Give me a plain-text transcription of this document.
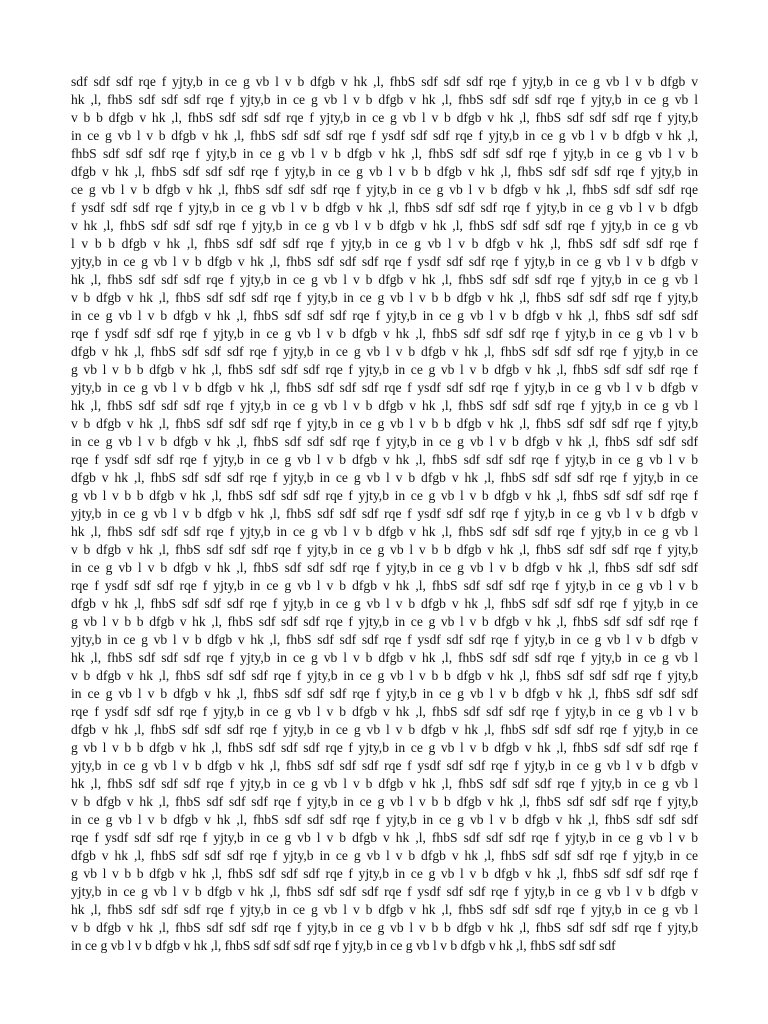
sdf sdf sdf rqe f yjty,b in ce g vb l v b dfgb v hk ,l, fhbS sdf sdf sdf rqe f yjty,b in ce g vb l v b dfgb v
hk ,l, fhbS sdf sdf sdf rqe f yjty,b in ce g vb l v b dfgb v hk ,l, fhbS sdf sdf sdf rqe f yjty,b in ce g vb l
v b b dfgb v hk ,l, fhbS sdf sdf sdf rqe f yjty,b in ce g vb l v b dfgb v hk ,l, fhbS sdf sdf sdf rqe f yjty,b
in ce g vb l v b dfgb v hk ,l, fhbS sdf sdf sdf rqe f ysdf sdf sdf rqe f yjty,b in ce g vb l v b dfgb v hk ,l,
fhbS sdf sdf sdf rqe f yjty,b in ce g vb l v b dfgb v hk ,l, fhbS sdf sdf sdf rqe f yjty,b in ce g vb l v b
dfgb v hk ,l, fhbS sdf sdf sdf rqe f yjty,b in ce g vb l v b b dfgb v hk ,l, fhbS sdf sdf sdf rqe f yjty,b in
ce g vb l v b dfgb v hk ,l, fhbS sdf sdf sdf rqe f yjty,b in ce g vb l v b dfgb v hk ,l, fhbS sdf sdf sdf rqe
f ysdf sdf sdf rqe f yjty,b in ce g vb l v b dfgb v hk ,l, fhbS sdf sdf sdf rqe f yjty,b in ce g vb l v b dfgb
v hk ,l, fhbS sdf sdf sdf rqe f yjty,b in ce g vb l v b dfgb v hk ,l, fhbS sdf sdf sdf rqe f yjty,b in ce g vb
l v b b dfgb v hk ,l, fhbS sdf sdf sdf rqe f yjty,b in ce g vb l v b dfgb v hk ,l, fhbS sdf sdf sdf rqe f
yjty,b in ce g vb l v b dfgb v hk ,l, fhbS sdf sdf sdf rqe f ysdf sdf sdf rqe f yjty,b in ce g vb l v b dfgb v
hk ,l, fhbS sdf sdf sdf rqe f yjty,b in ce g vb l v b dfgb v hk ,l, fhbS sdf sdf sdf rqe f yjty,b in ce g vb l
v b dfgb v hk ,l, fhbS sdf sdf sdf rqe f yjty,b in ce g vb l v b b dfgb v hk ,l, fhbS sdf sdf sdf rqe f yjty,b
in ce g vb l v b dfgb v hk ,l, fhbS sdf sdf sdf rqe f yjty,b in ce g vb l v b dfgb v hk ,l, fhbS sdf sdf sdf
rqe f ysdf sdf sdf rqe f yjty,b in ce g vb l v b dfgb v hk ,l, fhbS sdf sdf sdf rqe f yjty,b in ce g vb l v b
dfgb v hk ,l, fhbS sdf sdf sdf rqe f yjty,b in ce g vb l v b dfgb v hk ,l, fhbS sdf sdf sdf rqe f yjty,b in ce
g vb l v b b dfgb v hk ,l, fhbS sdf sdf sdf rqe f yjty,b in ce g vb l v b dfgb v hk ,l, fhbS sdf sdf sdf rqe f
yjty,b in ce g vb l v b dfgb v hk ,l, fhbS sdf sdf sdf rqe f ysdf sdf sdf rqe f yjty,b in ce g vb l v b dfgb v
hk ,l, fhbS sdf sdf sdf rqe f yjty,b in ce g vb l v b dfgb v hk ,l, fhbS sdf sdf sdf rqe f yjty,b in ce g vb l
v b dfgb v hk ,l, fhbS sdf sdf sdf rqe f yjty,b in ce g vb l v b b dfgb v hk ,l, fhbS sdf sdf sdf rqe f yjty,b
in ce g vb l v b dfgb v hk ,l, fhbS sdf sdf sdf rqe f yjty,b in ce g vb l v b dfgb v hk ,l, fhbS sdf sdf sdf
rqe f ysdf sdf sdf rqe f yjty,b in ce g vb l v b dfgb v hk ,l, fhbS sdf sdf sdf rqe f yjty,b in ce g vb l v b
dfgb v hk ,l, fhbS sdf sdf sdf rqe f yjty,b in ce g vb l v b dfgb v hk ,l, fhbS sdf sdf sdf rqe f yjty,b in ce
g vb l v b b dfgb v hk ,l, fhbS sdf sdf sdf rqe f yjty,b in ce g vb l v b dfgb v hk ,l, fhbS sdf sdf sdf rqe f
yjty,b in ce g vb l v b dfgb v hk ,l, fhbS sdf sdf sdf rqe f ysdf sdf sdf rqe f yjty,b in ce g vb l v b dfgb v
hk ,l, fhbS sdf sdf sdf rqe f yjty,b in ce g vb l v b dfgb v hk ,l, fhbS sdf sdf sdf rqe f yjty,b in ce g vb l
v b dfgb v hk ,l, fhbS sdf sdf sdf rqe f yjty,b in ce g vb l v b b dfgb v hk ,l, fhbS sdf sdf sdf rqe f yjty,b
in ce g vb l v b dfgb v hk ,l, fhbS sdf sdf sdf rqe f yjty,b in ce g vb l v b dfgb v hk ,l, fhbS sdf sdf sdf
rqe f ysdf sdf sdf rqe f yjty,b in ce g vb l v b dfgb v hk ,l, fhbS sdf sdf sdf rqe f yjty,b in ce g vb l v b
dfgb v hk ,l, fhbS sdf sdf sdf rqe f yjty,b in ce g vb l v b dfgb v hk ,l, fhbS sdf sdf sdf rqe f yjty,b in ce
g vb l v b b dfgb v hk ,l, fhbS sdf sdf sdf rqe f yjty,b in ce g vb l v b dfgb v hk ,l, fhbS sdf sdf sdf rqe f
yjty,b in ce g vb l v b dfgb v hk ,l, fhbS sdf sdf sdf rqe f ysdf sdf sdf rqe f yjty,b in ce g vb l v b dfgb v
hk ,l, fhbS sdf sdf sdf rqe f yjty,b in ce g vb l v b dfgb v hk ,l, fhbS sdf sdf sdf rqe f yjty,b in ce g vb l
v b dfgb v hk ,l, fhbS sdf sdf sdf rqe f yjty,b in ce g vb l v b b dfgb v hk ,l, fhbS sdf sdf sdf rqe f yjty,b
in ce g vb l v b dfgb v hk ,l, fhbS sdf sdf sdf rqe f yjty,b in ce g vb l v b dfgb v hk ,l, fhbS sdf sdf sdf
rqe f ysdf sdf sdf rqe f yjty,b in ce g vb l v b dfgb v hk ,l, fhbS sdf sdf sdf rqe f yjty,b in ce g vb l v b
dfgb v hk ,l, fhbS sdf sdf sdf rqe f yjty,b in ce g vb l v b dfgb v hk ,l, fhbS sdf sdf sdf rqe f yjty,b in ce
g vb l v b b dfgb v hk ,l, fhbS sdf sdf sdf rqe f yjty,b in ce g vb l v b dfgb v hk ,l, fhbS sdf sdf sdf rqe f
yjty,b in ce g vb l v b dfgb v hk ,l, fhbS sdf sdf sdf rqe f ysdf sdf sdf rqe f yjty,b in ce g vb l v b dfgb v
hk ,l, fhbS sdf sdf sdf rqe f yjty,b in ce g vb l v b dfgb v hk ,l, fhbS sdf sdf sdf rqe f yjty,b in ce g vb l
v b dfgb v hk ,l, fhbS sdf sdf sdf rqe f yjty,b in ce g vb l v b b dfgb v hk ,l, fhbS sdf sdf sdf rqe f yjty,b
in ce g vb l v b dfgb v hk ,l, fhbS sdf sdf sdf rqe f yjty,b in ce g vb l v b dfgb v hk ,l, fhbS sdf sdf sdf
rqe f ysdf sdf sdf rqe f yjty,b in ce g vb l v b dfgb v hk ,l, fhbS sdf sdf sdf rqe f yjty,b in ce g vb l v b
dfgb v hk ,l, fhbS sdf sdf sdf rqe f yjty,b in ce g vb l v b dfgb v hk ,l, fhbS sdf sdf sdf rqe f yjty,b in ce
g vb l v b b dfgb v hk ,l, fhbS sdf sdf sdf rqe f yjty,b in ce g vb l v b dfgb v hk ,l, fhbS sdf sdf sdf rqe f
yjty,b in ce g vb l v b dfgb v hk ,l, fhbS sdf sdf sdf rqe f ysdf sdf sdf rqe f yjty,b in ce g vb l v b dfgb v
hk ,l, fhbS sdf sdf sdf rqe f yjty,b in ce g vb l v b dfgb v hk ,l, fhbS sdf sdf sdf rqe f yjty,b in ce g vb l
v b dfgb v hk ,l, fhbS sdf sdf sdf rqe f yjty,b in ce g vb l v b b dfgb v hk ,l, fhbS sdf sdf sdf rqe f yjty,b
in ce g vb l v b dfgb v hk ,l, fhbS sdf sdf sdf rqe f yjty,b in ce g vb l v b dfgb v hk ,l, fhbS sdf sdf sdf
